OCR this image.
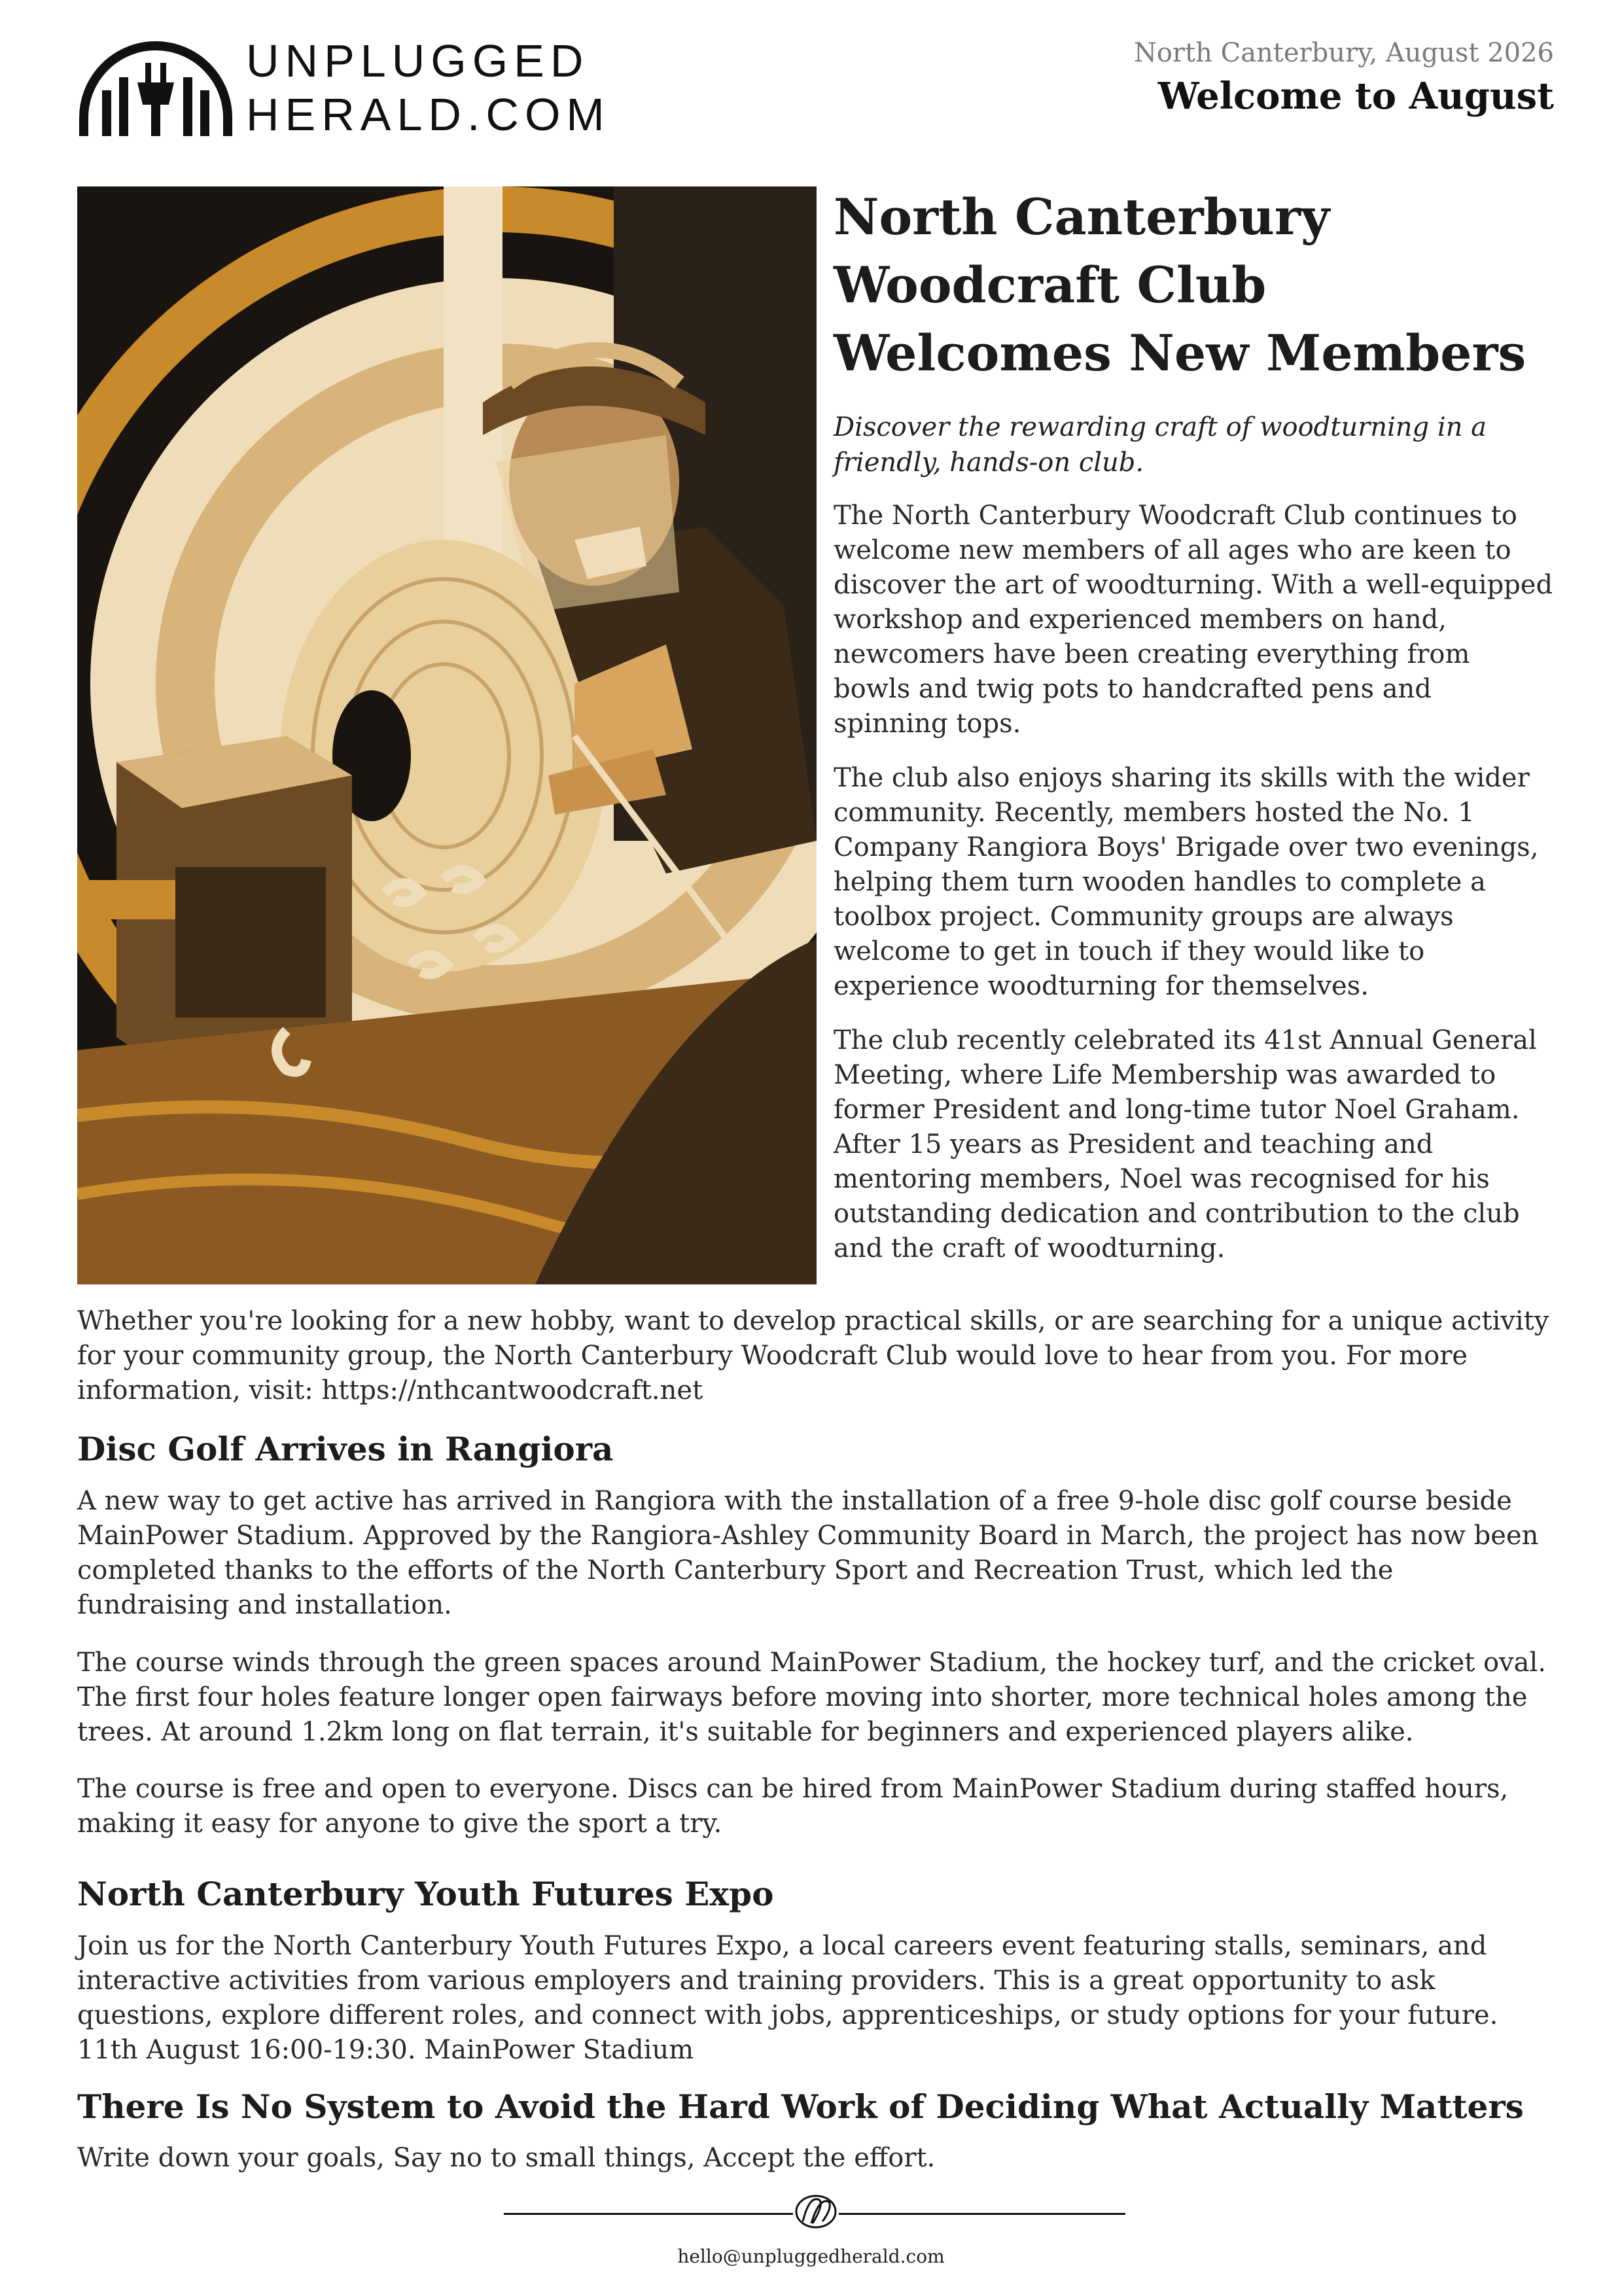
UNPLUGGED
HERALD.COM
North Canterbury, August 2026
Welcome to August
North Canterbury Woodcraft Club Welcomes New Members

Discover the rewarding craft of woodturning in a friendly, hands-on club.

The North Canterbury Woodcraft Club continues to welcome new members of all ages who are keen to discover the art of woodturning. With a well-equipped workshop and experienced members on hand, newcomers have been creating everything from bowls and twig pots to handcrafted pens and spinning tops.

The club also enjoys sharing its skills with the wider community. Recently, members hosted the No. 1 Company Rangiora Boys' Brigade over two evenings, helping them turn wooden handles to complete a toolbox project. Community groups are always welcome to get in touch if they would like to experience woodturning for themselves.

The club recently celebrated its 41st Annual General Meeting, where Life Membership was awarded to former President and long-time tutor Noel Graham. After 15 years as President and teaching and mentoring members, Noel was recognised for his outstanding dedication and contribution to the club and the craft of woodturning.

Whether you're looking for a new hobby, want to develop practical skills, or are searching for a unique activity for your community group, the North Canterbury Woodcraft Club would love to hear from you. For more information, visit: https://nthcantwoodcraft.net

Disc Golf Arrives in Rangiora

A new way to get active has arrived in Rangiora with the installation of a free 9-hole disc golf course beside MainPower Stadium. Approved by the Rangiora-Ashley Community Board in March, the project has now been completed thanks to the efforts of the North Canterbury Sport and Recreation Trust, which led the fundraising and installation.

The course winds through the green spaces around MainPower Stadium, the hockey turf, and the cricket oval. The first four holes feature longer open fairways before moving into shorter, more technical holes among the trees. At around 1.2km long on flat terrain, it's suitable for beginners and experienced players alike.

The course is free and open to everyone. Discs can be hired from MainPower Stadium during staffed hours, making it easy for anyone to give the sport a try.

North Canterbury Youth Futures Expo

Join us for the North Canterbury Youth Futures Expo, a local careers event featuring stalls, seminars, and interactive activities from various employers and training providers. This is a great opportunity to ask questions, explore different roles, and connect with jobs, apprenticeships, or study options for your future. 11th August 16:00-19:30. MainPower Stadium

There Is No System to Avoid the Hard Work of Deciding What Actually Matters

Write down your goals, Say no to small things, Accept the effort.

hello@unpluggedherald.com
